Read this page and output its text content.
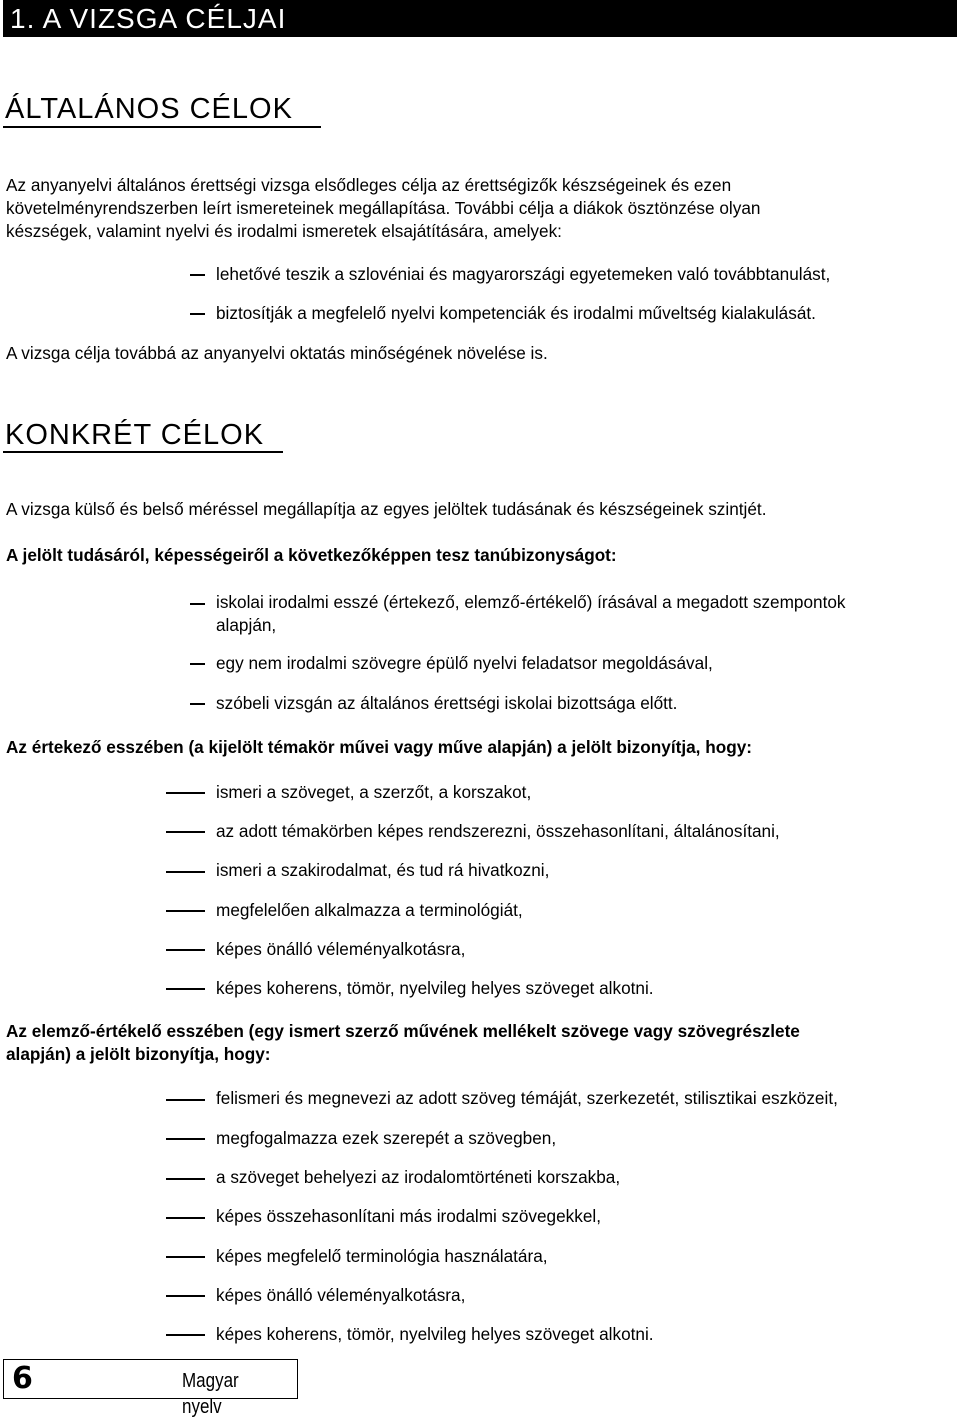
1. A VIZSGA CÉLJAI
ÁLTALÁNOS CÉLOK
Az anyanyelvi általános érettségi vizsga elsődleges célja az érettségizők készségeinek és ezen
követelményrendszerben leírt ismereteinek megállapítása. További célja a diákok ösztönzése olyan
készségek, valamint nyelvi és irodalmi ismeretek elsajátítására, amelyek:
lehetővé teszik a szlovéniai és magyarországi egyetemeken való továbbtanulást,
biztosítják a megfelelő nyelvi kompetenciák és irodalmi műveltség kialakulását.
A vizsga célja továbbá az anyanyelvi oktatás minőségének növelése is.
KONKRÉT CÉLOK
A vizsga külső és belső méréssel megállapítja az egyes jelöltek tudásának és készségeinek szintjét.
A jelölt tudásáról, képességeiről a következőképpen tesz tanúbizonyságot:
iskolai irodalmi esszé (értekező, elemző-értékelő) írásával a megadott szempontok
alapján,
egy nem irodalmi szövegre épülő nyelvi feladatsor megoldásával,
szóbeli vizsgán az általános érettségi iskolai bizottsága előtt.
Az értekező esszében (a kijelölt témakör művei vagy műve alapján) a jelölt bizonyítja, hogy:
ismeri a szöveget, a szerzőt, a korszakot,
az adott témakörben képes rendszerezni, összehasonlítani, általánosítani,
ismeri a szakirodalmat, és tud rá hivatkozni,
megfelelően alkalmazza a terminológiát,
képes önálló véleményalkotásra,
képes koherens, tömör, nyelvileg helyes szöveget alkotni.
Az elemző-értékelő esszében (egy ismert szerző művének mellékelt szövege vagy szövegrészlete
alapján) a jelölt bizonyítja, hogy:
felismeri és megnevezi az adott szöveg témáját, szerkezetét, stilisztikai eszközeit,
megfogalmazza ezek szerepét a szövegben,
a szöveget behelyezi az irodalomtörténeti korszakba,
képes összehasonlítani más irodalmi szövegekkel,
képes megfelelő terminológia használatára,
képes önálló véleményalkotásra,
képes koherens, tömör, nyelvileg helyes szöveget alkotni.
6	Magyar nyelv
